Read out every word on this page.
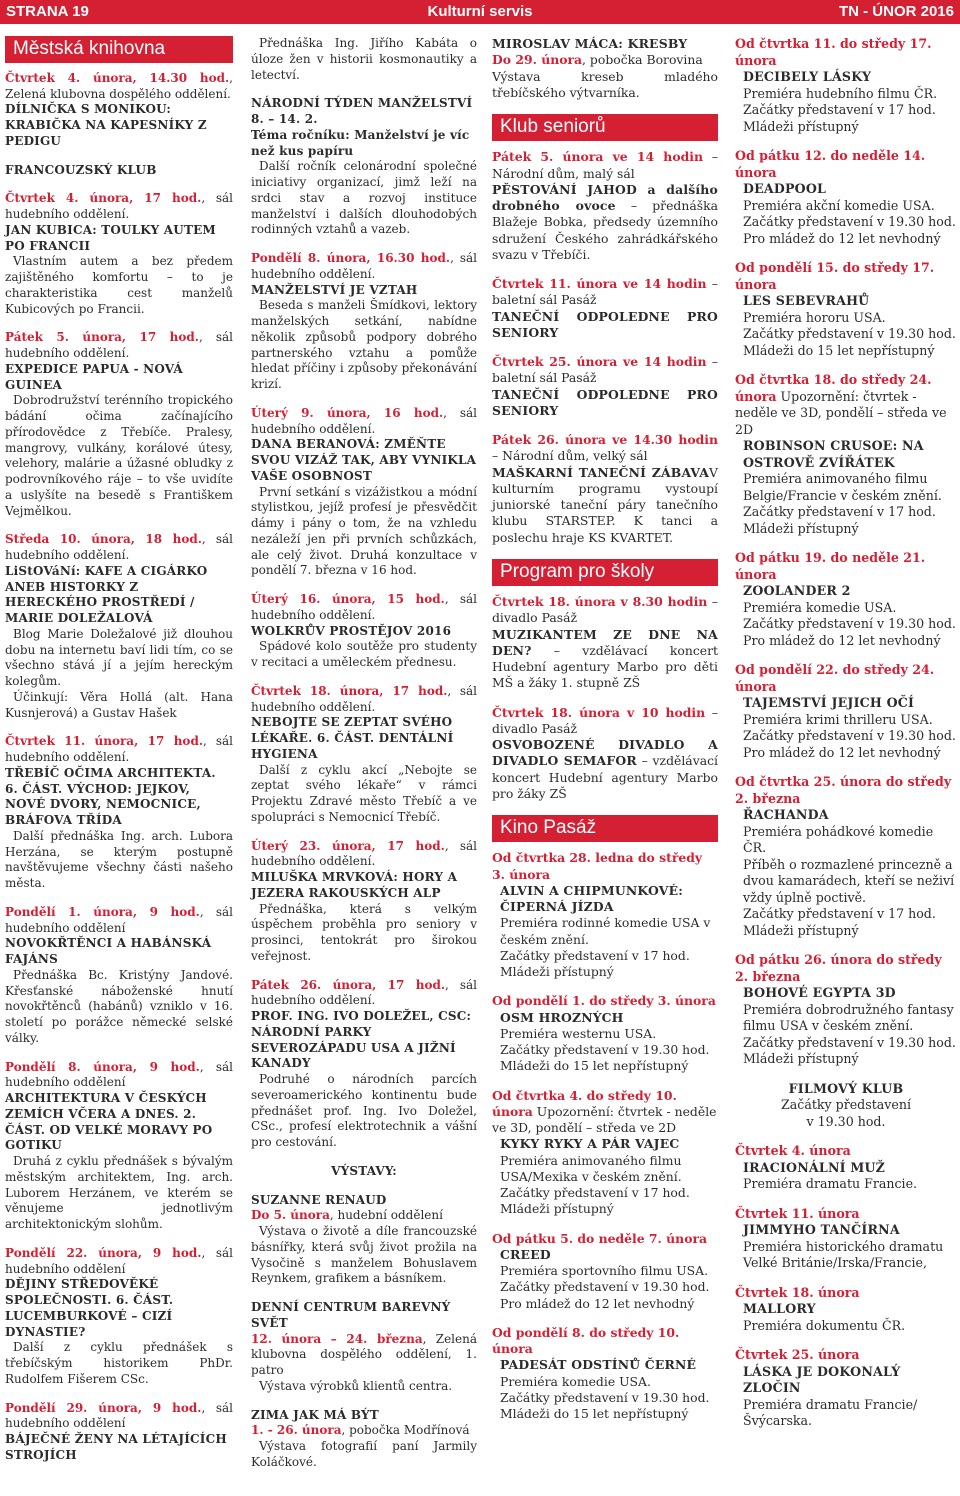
Kulturní servis
STRANA 19	TN - ÚNOR 2016
Městská knihovna
Čtvrtek 4. února, 14.30 hod., Zelená klubovna dospělého oddělení.
DÍLNIČKA S MONIKOU: KRABIČKA NA KAPESNÍKY Z PEDIGU
FRANCOUZSKÝ KLUB
Čtvrtek 4. února, 17 hod., sál hudebního oddělení.
JAN KUBICA: TOULKY AUTEM PO FRANCII
Vlastním autem a bez předem zajištěného komfortu – to je charakteristika cest manželů Kubicových po Francii.
Pátek 5. února, 17 hod., sál hudebního oddělení.
EXPEDICE PAPUA - NOVÁ GUINEA
Dobrodružství terénního tropického bádání očima začínajícího přírodovědce z Třebíče. Pralesy, mangrovy, vulkány, korálové útesy, velehory, malárie a úžasné obludky z podrovníkového ráje – to vše uvidíte a uslyšíte na besedě s Františkem Vejmělkou.
Středa 10. února, 18 hod., sál hudebního oddělení.
LiStOVáNí: KAFE A CIGÁRKO ANEB HISTORKY Z HERECKÉHO PROSTŘEDÍ / MARIE DOLEŽALOVÁ
Blog Marie Doležalové již dlouhou dobu na internetu baví lidi tím, co se všechno stává jí a jejím hereckým kolegům.
Účinkují: Věra Hollá (alt. Hana Kusnjerová) a Gustav Hašek
Čtvrtek 11. února, 17 hod., sál hudebního oddělení.
TŘEBÍČ OČIMA ARCHITEKTA. 6. ČÁST. VÝCHOD: JEJKOV, NOVÉ DVORY, NEMOCNICE, BRÁFOVA TŘÍDA
Další přednáška Ing. arch. Lubora Herzána, se kterým postupně navštěvujeme všechny části našeho města.
Pondělí 1. února, 9 hod., sál hudebního oddělení
NOVOKŘTĚNCI A HABÁNSKÁ FAJÁNS
Přednáška Bc. Kristýny Jandové. Křesťanské náboženské hnutí novokřtěnců (habánů) vzniklo v 16. století po porážce německé selské války.
Pondělí 8. února, 9 hod., sál hudebního oddělení
ARCHITEKTURA V ČESKÝCH ZEMÍCH VČERA A DNES. 2. ČÁST. OD VELKÉ MORAVY PO GOTIKU
Druhá z cyklu přednášek s bývalým městským architektem, Ing. arch. Luborem Herzánem, ve kterém se věnujeme jednotlivým architektonickým slohům.
Pondělí 22. února, 9 hod., sál hudebního oddělení
DĚJINY STŘEDOVĚKÉ SPOLEČNOSTI. 6. ČÁST. LUCEMBURKOVÉ – CIZÍ DYNASTIE?
Další z cyklu přednášek s třebíčským historikem PhDr. Rudolfem Fišerem CSc.
Pondělí 29. února, 9 hod., sál hudebního oddělení
BÁJEČNÉ ŽENY NA LÉTAJÍCÍCH STROJÍCH
Přednáška Ing. Jiřího Kabáta o úloze žen v historii kosmonautiky a letectví.
NÁRODNÍ TÝDEN MANŽELSTVÍ 8. – 14. 2.
Téma ročníku: Manželství je víc než kus papíru
Další ročník celonárodní společné iniciativy organizací, jimž leží na srdci stav a rozvoj instituce manželství i dalších dlouhodobých rodinných vztahů a vazeb.
Pondělí 8. února, 16.30 hod., sál hudebního oddělení.
MANŽELSTVÍ JE VZTAH
Beseda s manželi Šmídkovi, lektory manželských setkání, nabídne několik způsobů podpory dobrého partnerského vztahu a pomůže hledat příčiny i způsoby překonávání krizí.
Úterý 9. února, 16 hod., sál hudebního oddělení.
DANA BERANOVÁ: ZMĚŇTE SVOU VIZÁŽ TAK, ABY VYNIKLA VAŠE OSOBNOST
První setkání s vizážistkou a módní stylistkou, jejíž profesí je přesvědčit dámy i pány o tom, že na vzhledu nezáleží jen při prvních schůzkách, ale celý život. Druhá konzultace v pondělí 7. března v 16 hod.
Úterý 16. února, 15 hod., sál hudebního oddělení.
WOLKRŮV PROSTĚJOV 2016
Spádové kolo soutěže pro studenty v recitaci a uměleckém přednesu.
Čtvrtek 18. února, 17 hod., sál hudebního oddělení.
NEBOJTE SE ZEPTAT SVÉHO LÉKAŘE. 6. ČÁST. DENTÁLNÍ HYGIENA
Další z cyklu akcí „Nebojte se zeptat svého lékaře“ v rámci Projektu Zdravé město Třebíč a ve spolupráci s Nemocnicí Třebíč.
Úterý 23. února, 17 hod., sál hudebního oddělení.
MILUŠKA MRVKOVÁ: HORY A JEZERA RAKOUSKÝCH ALP
Přednáška, která s velkým úspěchem proběhla pro seniory v prosinci, tentokrát pro širokou veřejnost.
Pátek 26. února, 17 hod., sál hudebního oddělení.
PROF. ING. IVO DOLEŽEL, CSC: NÁRODNÍ PARKY SEVEROZÁPADU USA A JIŽNÍ KANADY
Podruhé o národních parcích severoamerického kontinentu bude přednášet prof. Ing. Ivo Doležel, CSc., profesí elektrotechnik a vášní pro cestování.
VÝSTAVY:
SUZANNE RENAUD
Do 5. února, hudební oddělení
Výstava o životě a díle francouzské básnířky, která svůj život prožila na Vysočině s manželem Bohuslavem Reynkem, grafikem a básníkem.
DENNÍ CENTRUM BAREVNÝ SVĚT
12. února – 24. března, Zelená klubovna dospělého oddělení, 1. patro
Výstava výrobků klientů centra.
ZIMA JAK MÁ BÝT
1. - 26. února, pobočka Modřínová
Výstava fotografií paní Jarmily Koláčkové.
MIROSLAV MÁCA: KRESBY
Do 29. února, pobočka Borovina
Výstava kreseb mladého třebíčského výtvarníka.
Klub seniorů
Pátek 5. února ve 14 hodin – Národní dům, malý sál
PĚSTOVÁNÍ JAHOD a dalšího drobného ovoce – přednáška Blažeje Bobka, předsedy územního sdružení Českého zahrádkářského svazu v Třebíči.
Čtvrtek 11. února ve 14 hodin – baletní sál Pasáž
TANEČNÍ ODPOLEDNE PRO SENIORY
Čtvrtek 25. února ve 14 hodin – baletní sál Pasáž
TANEČNÍ ODPOLEDNE PRO SENIORY
Pátek 26. února ve 14.30 hodin – Národní dům, velký sál
MAŠKARNÍ TANEČNÍ ZÁBAVAV kulturním programu vystoupí juniorské taneční páry tanečního klubu STARSTEP. K tanci a poslechu hraje KS KVARTET.
Program pro školy
Čtvrtek 18. února v 8.30 hodin – divadlo Pasáž
MUZIKANTEM ZE DNE NA DEN? – vzdělávací koncert Hudební agentury Marbo pro děti MŠ a žáky 1. stupně ZŠ
Čtvrtek 18. února v 10 hodin – divadlo Pasáž
OSVOBOZENÉ DIVADLO A DIVADLO SEMAFOR – vzdělávací koncert Hudební agentury Marbo pro žáky ZŠ
Kino Pasáž
Od čtvrtka 28. ledna do středy 3. února
ALVIN A CHIPMUNKOVÉ: ČIPERNÁ JÍZDA
Premiéra rodinné komedie USA v českém znění.
Začátky představení v 17 hod.
Mládeži přístupný
Od pondělí 1. do středy 3. února
OSM HROZNÝCH
Premiéra westernu USA.
Začátky představení v 19.30 hod.
Mládeži do 15 let nepřístupný
Od čtvrtka 4. do středy 10. února Upozornění: čtvrtek - neděle ve 3D, pondělí – středa ve 2D
KYKY RYKY A PÁR VAJEC
Premiéra animovaného filmu USA/Mexika v českém znění.
Začátky představení v 17 hod.
Mládeži přístupný
Od pátku 5. do neděle 7. února
CREED
Premiéra sportovního filmu USA.
Začátky představení v 19.30 hod.
Pro mládež do 12 let nevhodný
Od pondělí 8. do středy 10. února
PADESÁT ODSTÍNŮ ČERNÉ
Premiéra komedie USA.
Začátky představení v 19.30 hod.
Mládeži do 15 let nepřístupný
Od čtvrtka 11. do středy 17. února
DECIBELY LÁSKY
Premiéra hudebního filmu ČR.
Začátky představení v 17 hod.
Mládeži přístupný
Od pátku 12. do neděle 14. února
DEADPOOL
Premiéra akční komedie USA.
Začátky představení v 19.30 hod.
Pro mládež do 12 let nevhodný
Od pondělí 15. do středy 17. února
LES SEBEVRAHŮ
Premiéra hororu USA.
Začátky představení v 19.30 hod.
Mládeži do 15 let nepřístupný
Od čtvrtka 18. do středy 24. února Upozornění: čtvrtek - neděle ve 3D, pondělí – středa ve 2D
ROBINSON CRUSOE: NA OSTROVĚ ZVÍŘÁTEK
Premiéra animovaného filmu Belgie/Francie v českém znění.
Začátky představení v 17 hod.
Mládeži přístupný
Od pátku 19. do neděle 21. února
ZOOLANDER 2
Premiéra komedie USA.
Začátky představení v 19.30 hod.
Pro mládež do 12 let nevhodný
Od pondělí 22. do středy 24. února
TAJEMSTVÍ JEJICH OČÍ
Premiéra krimi thrilleru USA.
Začátky představení v 19.30 hod.
Pro mládež do 12 let nevhodný
Od čtvrtka 25. února do středy 2. března
ŘACHANDA
Premiéra pohádkové komedie ČR.
Příběh o rozmazlené princezně a dvou kamarádech, kteří se neživí vždy úplně poctivě.
Začátky představení v 17 hod.
Mládeži přístupný
Od pátku 26. února do středy 2. března
BOHOVÉ EGYPTA 3D
Premiéra dobrodružného fantasy filmu USA v českém znění.
Začátky představení v 19.30 hod.
Mládeži přístupný
FILMOVÝ KLUB
Začátky představení
v 19.30 hod.
Čtvrtek 4. února
IRACIONÁLNÍ MUŽ
Premiéra dramatu Francie.
Čtvrtek 11. února
JIMMYHO TANČÍRNA
Premiéra historického dramatu Velké Británie/Irska/Francie,
Čtvrtek 18. února
MALLORY
Premiéra dokumentu ČR.
Čtvrtek 25. února
LÁSKA JE DOKONALÝ ZLOČIN
Premiéra dramatu Francie/Švýcarska.
